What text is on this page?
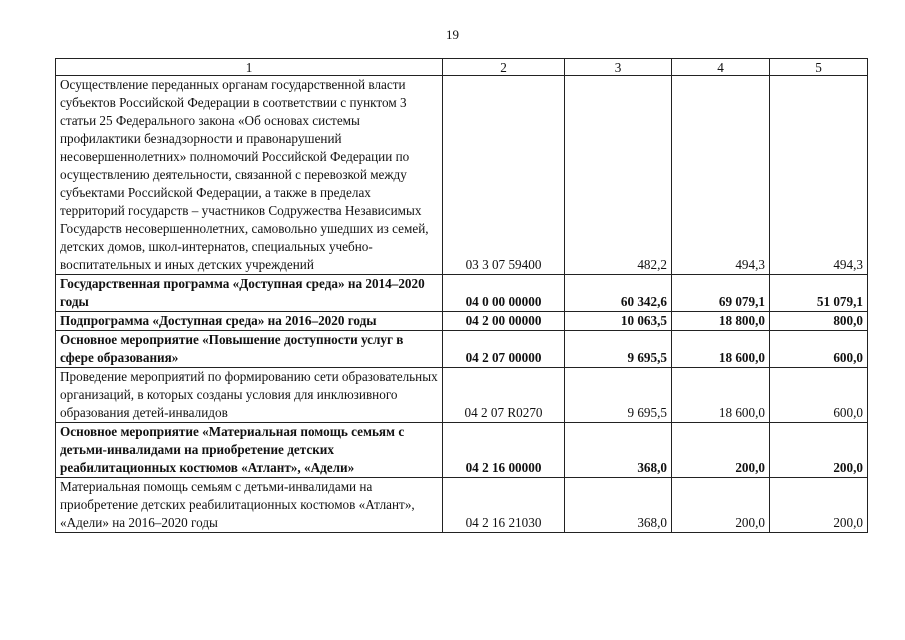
19
1	2	3	4	5
Осуществление переданных органам государственной власти субъектов Российской Федерации в соответствии с пунктом 3 статьи 25 Федерального закона «Об основах системы профилактики безнадзорности и правонарушений несовершеннолетних» полномочий Российской Федерации по осуществлению деятельности, связанной с перевозкой между субъектами Российской Федерации, а также в пределах территорий государств – участников Содружества Независимых Государств несовершеннолетних, самовольно ушедших из семей, детских домов, школ-интернатов, специальных учебно-воспитательных и иных детских учреждений	03 3 07 59400	482,2	494,3	494,3
Государственная программа «Доступная среда» на 2014–2020 годы	04 0 00 00000	60 342,6	69 079,1	51 079,1
Подпрограмма «Доступная среда» на 2016–2020 годы	04 2 00 00000	10 063,5	18 800,0	800,0
Основное мероприятие «Повышение доступности услуг в сфере образования»	04 2 07 00000	9 695,5	18 600,0	600,0
Проведение мероприятий по формированию сети образовательных организаций, в которых созданы условия для инклюзивного образования детей-инвалидов	04 2 07 R0270	9 695,5	18 600,0	600,0
Основное мероприятие «Материальная помощь семьям с детьми-инвалидами на приобретение детских реабилитационных костюмов «Атлант», «Адели»	04 2 16 00000	368,0	200,0	200,0
Материальная помощь семьям с детьми-инвалидами на приобретение детских реабилитационных костюмов «Атлант», «Адели» на 2016–2020 годы	04 2 16 21030	368,0	200,0	200,0
